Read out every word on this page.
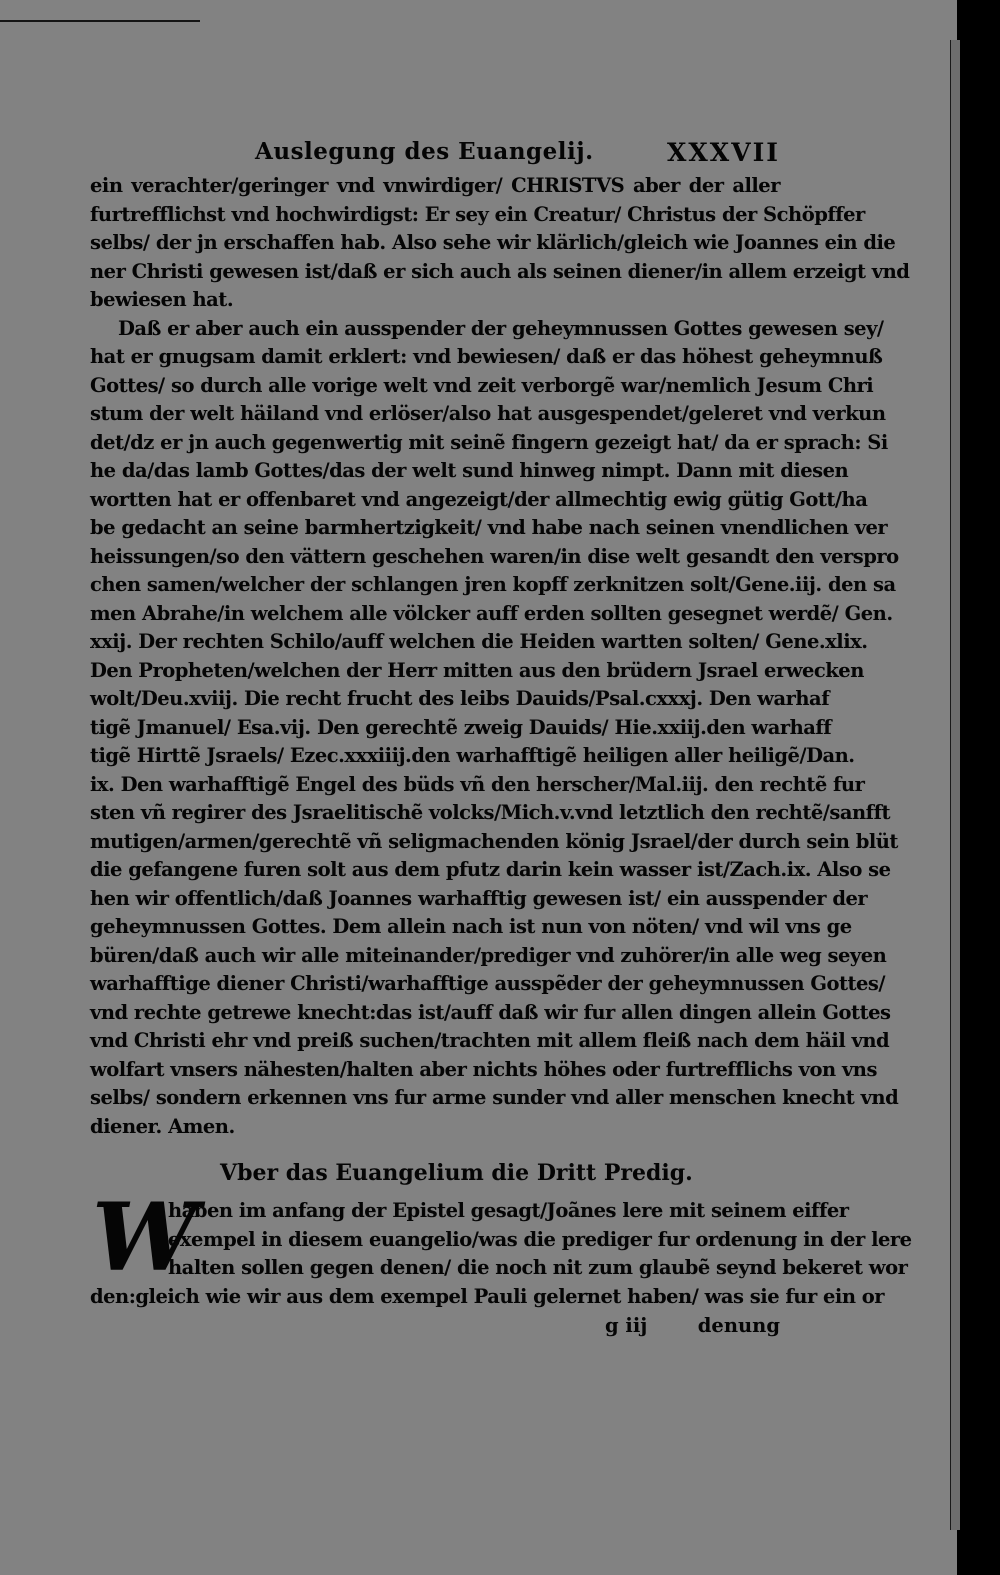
Auslegung des Euangelij.	XXXVII
ein verachter/geringer vnd vnwirdiger/ CHRISTVS aber der aller
furtrefflichst vnd hochwirdigst: Er sey ein Creatur/ Christus der Schöpffer
selbs/ der jn erschaffen hab. Also sehe wir klärlich/gleich wie Joannes ein die
ner Christi gewesen ist/daß er sich auch als seinen diener/in allem erzeigt vnd
bewiesen hat.
Daß er aber auch ein ausspender der geheymnussen Gottes gewesen sey/
hat er gnugsam damit erklert: vnd bewiesen/ daß er das höhest geheymnuß
Gottes/ so durch alle vorige welt vnd zeit verborgẽ war/nemlich Jesum Chri
stum der welt häiland vnd erlöser/also hat ausgespendet/geleret vnd verkun
det/dz er jn auch gegenwertig mit seinẽ fingern gezeigt hat/ da er sprach: Si
he da/das lamb Gottes/das der welt sund hinweg nimpt. Dann mit diesen
wortten hat er offenbaret vnd angezeigt/der allmechtig ewig gütig Gott/ha
be gedacht an seine barmhertzigkeit/ vnd habe nach seinen vnendlichen ver
heissungen/so den vättern geschehen waren/in dise welt gesandt den verspro
chen samen/welcher der schlangen jren kopff zerknitzen solt/Gene.iij. den sa
men Abrahe/in welchem alle völcker auff erden sollten gesegnet werdẽ/ Gen.
xxij. Der rechten Schilo/auff welchen die Heiden wartten solten/ Gene.xlix.
Den Propheten/welchen der Herr mitten aus den brüdern Jsrael erwecken
wolt/Deu.xviij. Die recht frucht des leibs Dauids/Psal.cxxxj. Den warhaf
tigẽ Jmanuel/ Esa.vij. Den gerechtẽ zweig Dauids/ Hie.xxiij.den warhaff
tigẽ Hirttẽ Jsraels/ Ezec.xxxiiij.den warhafftigẽ heiligen aller heiligẽ/Dan.
ix. Den warhafftigẽ Engel des büds vñ den herscher/Mal.iij. den rechtẽ fur
sten vñ regirer des Jsraelitischẽ volcks/Mich.v.vnd letztlich den rechtẽ/sanfft
mutigen/armen/gerechtẽ vñ seligmachenden könig Jsrael/der durch sein blüt
die gefangene furen solt aus dem pfutz darin kein wasser ist/Zach.ix. Also se
hen wir offentlich/daß Joannes warhafftig gewesen ist/ ein ausspender der
geheymnussen Gottes. Dem allein nach ist nun von nöten/ vnd wil vns ge
büren/daß auch wir alle miteinander/prediger vnd zuhörer/in alle weg seyen
warhafftige diener Christi/warhafftige ausspẽder der geheymnussen Gottes/
vnd rechte getrewe knecht:das ist/auff daß wir fur allen dingen allein Gottes
vnd Christi ehr vnd preiß suchen/trachten mit allem fleiß nach dem häil vnd
wolfart vnsers nähesten/halten aber nichts höhes oder furtrefflichs von vns
selbs/ sondern erkennen vns fur arme sunder vnd aller menschen knecht vnd
diener. Amen.
Vber das Euangelium die Dritt Predig.
W
haben im anfang der Epistel gesagt/Joãnes lere mit seinem eiffer
exempel in diesem euangelio/was die prediger fur ordenung in der lere
halten sollen gegen denen/ die noch nit zum glaubẽ seynd bekeret wor
den:gleich wie wir aus dem exempel Pauli gelernet haben/ was sie fur ein or
g iij	denung
